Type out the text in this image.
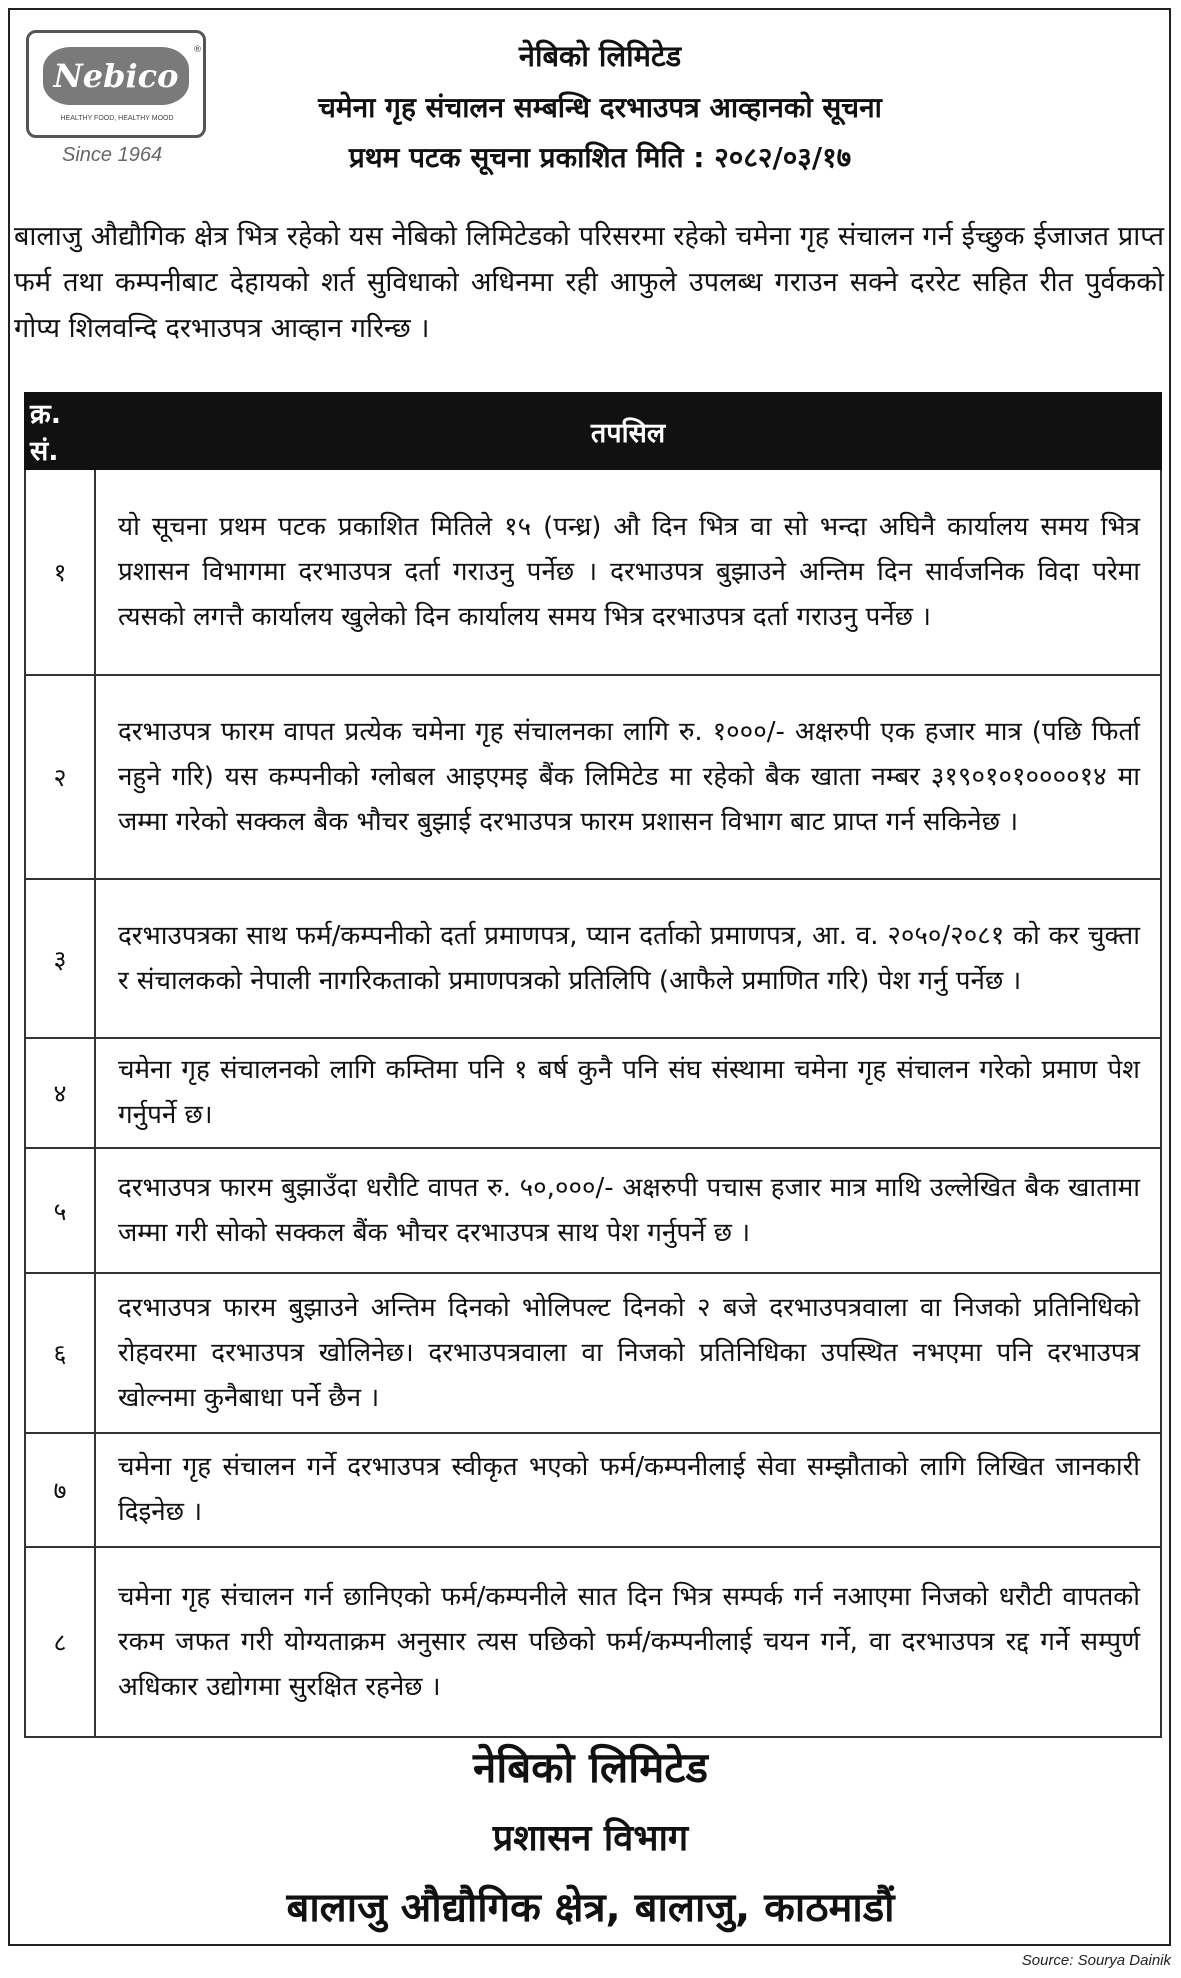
Nebico
HEALTHY FOOD, HEALTHY MOOD
®
Since 1964
नेबिको लिमिटेड
चमेना गृह संचालन सम्बन्धि दरभाउपत्र आव्हानको सूचना
प्रथम पटक सूचना प्रकाशित मिति : २०८२/०३/१७
बालाजु औद्यौगिक क्षेत्र भित्र रहेको यस नेबिको लिमिटेडको परिसरमा रहेको चमेना गृह संचालन गर्न ईच्छुक ईजाजत प्राप्त फर्म तथा कम्पनीबाट देहायको शर्त सुविधाको अधिनमा रही आफुले उपलब्ध गराउन सक्ने दररेट सहित रीत पुर्वकको गोप्य शिलवन्दि दरभाउपत्र आव्हान गरिन्छ ।
क्र. सं.	तपसिल
१	यो सूचना प्रथम पटक प्रकाशित मितिले १५ (पन्ध्र) औ दिन भित्र वा सो भन्दा अघिनै कार्यालय समय भित्र प्रशासन विभागमा दरभाउपत्र दर्ता गराउनु पर्नेछ । दरभाउपत्र बुझाउने अन्तिम दिन सार्वजनिक विदा परेमा त्यसको लगत्तै कार्यालय खुलेको दिन कार्यालय समय भित्र दरभाउपत्र दर्ता गराउनु पर्नेछ ।
२	दरभाउपत्र फारम वापत प्रत्येक चमेना गृह संचालनका लागि रु. १०००/- अक्षरुपी एक हजार मात्र (पछि फिर्ता नहुने गरि) यस कम्पनीको ग्लोबल आइएमइ बैंक लिमिटेड मा रहेको बैक खाता नम्बर ३१९०१०१००००१४ मा जम्मा गरेको सक्कल बैक भौचर बुझाई दरभाउपत्र फारम प्रशासन विभाग बाट प्राप्त गर्न सकिनेछ ।
३	दरभाउपत्रका साथ फर्म/कम्पनीको दर्ता प्रमाणपत्र, प्यान दर्ताको प्रमाणपत्र, आ. व. २०५०/२०८१ को कर चुक्ता र संचालकको नेपाली नागरिकताको प्रमाणपत्रको प्रतिलिपि (आफैले प्रमाणित गरि) पेश गर्नु पर्नेछ ।
४	चमेना गृह संचालनको लागि कम्तिमा पनि १ बर्ष कुनै पनि संघ संस्थामा चमेना गृह संचालन गरेको प्रमाण पेश गर्नुपर्ने छ।
५	दरभाउपत्र फारम बुझाउँदा धरौटि वापत रु. ५०,०००/- अक्षरुपी पचास हजार मात्र माथि उल्लेखित बैक खातामा जम्मा गरी सोको सक्कल बैंक भौचर दरभाउपत्र साथ पेश गर्नुपर्ने छ ।
६	दरभाउपत्र फारम बुझाउने अन्तिम दिनको भोलिपल्ट दिनको २ बजे दरभाउपत्रवाला वा निजको प्रतिनिधिको रोहवरमा दरभाउपत्र खोलिनेछ। दरभाउपत्रवाला वा निजको प्रतिनिधिका उपस्थित नभएमा पनि दरभाउपत्र खोल्नमा कुनैबाधा पर्ने छैन ।
७	चमेना गृह संचालन गर्ने दरभाउपत्र स्वीकृत भएको फर्म/कम्पनीलाई सेवा सम्झौताको लागि लिखित जानकारी दिइनेछ ।
८	चमेना गृह संचालन गर्न छानिएको फर्म/कम्पनीले सात दिन भित्र सम्पर्क गर्न नआएमा निजको धरौटी वापतको रकम जफत गरी योग्यताक्रम अनुसार त्यस पछिको फर्म/कम्पनीलाई चयन गर्ने, वा दरभाउपत्र रद्द गर्ने सम्पुर्ण अधिकार उद्योगमा सुरक्षित रहनेछ ।
नेबिको लिमिटेड
प्रशासन विभाग
बालाजु औद्यौगिक क्षेत्र, बालाजु, काठमाडौं
Source: Sourya Dainik
